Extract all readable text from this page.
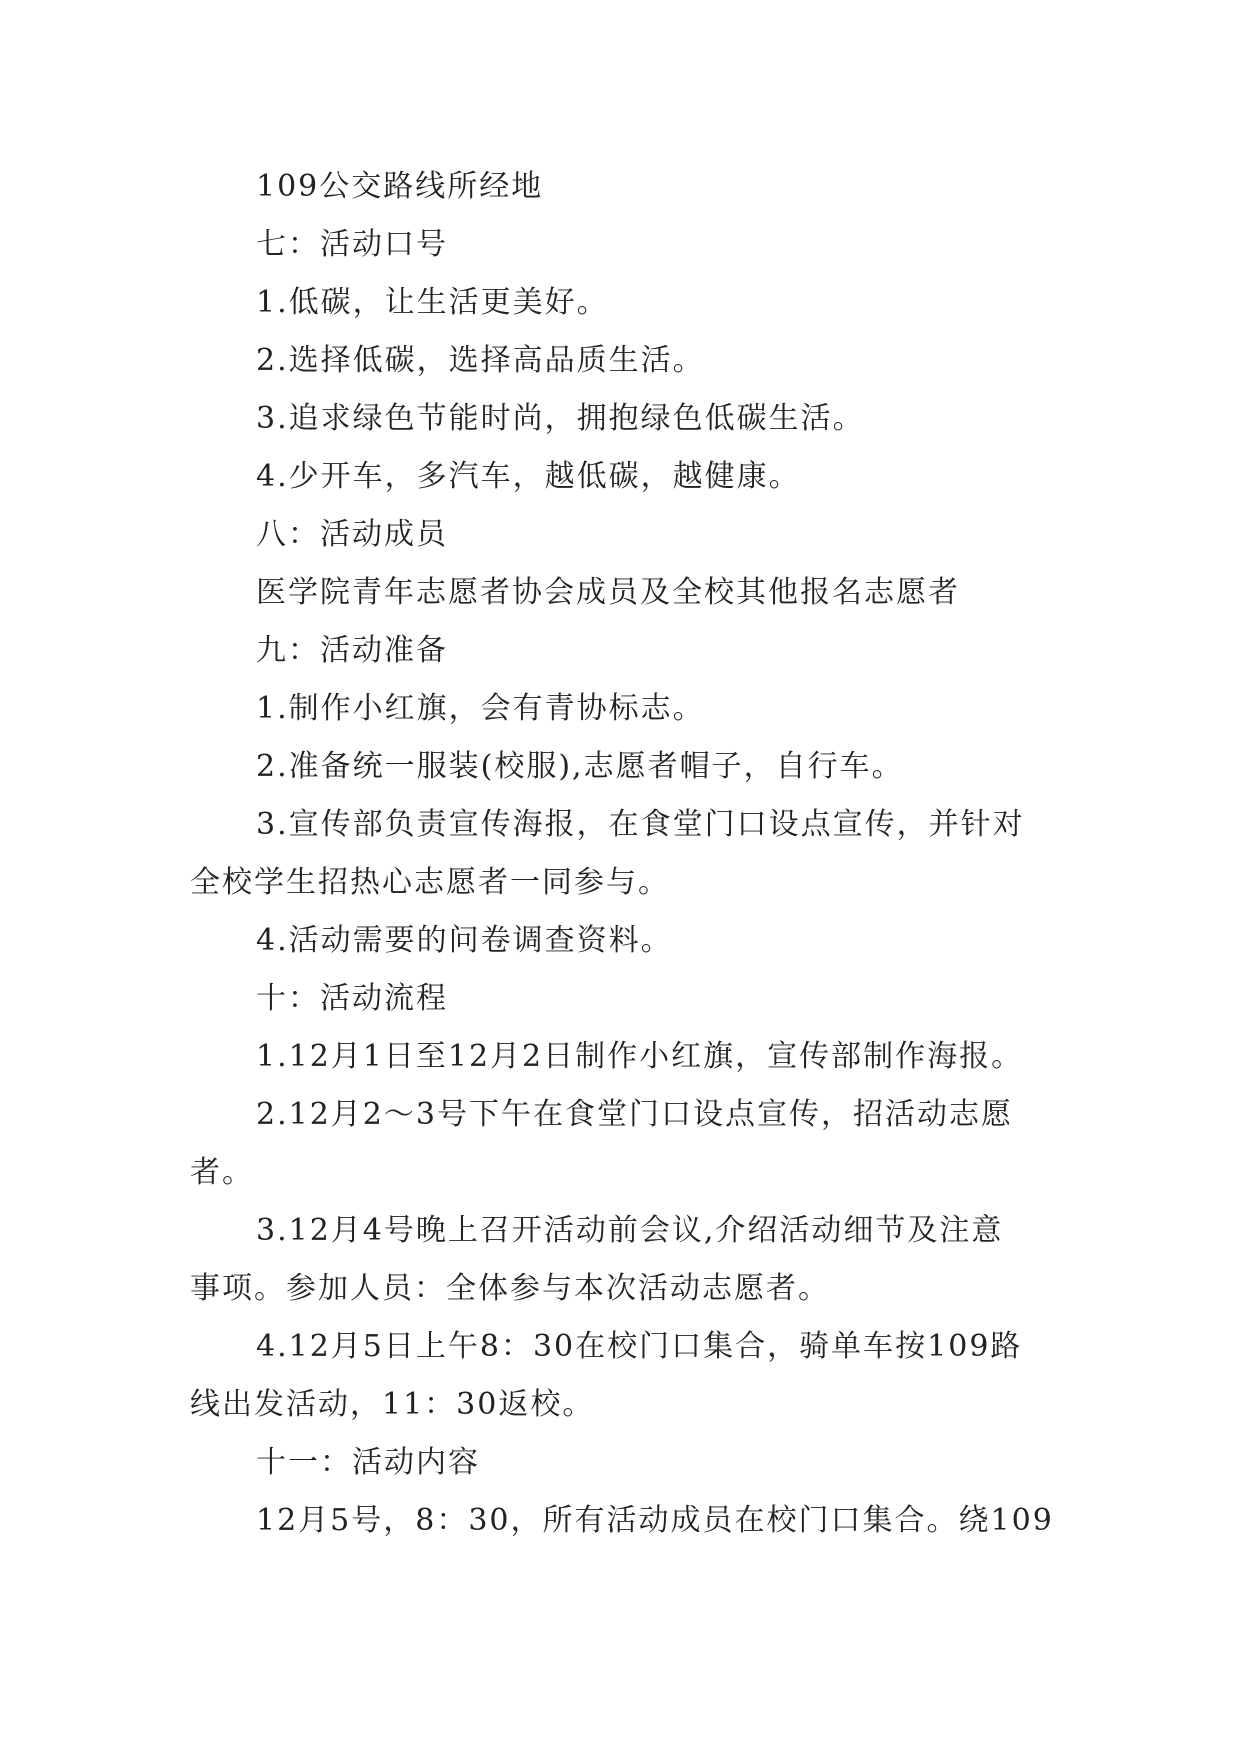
109公交路线所经地
七：活动口号
1.低碳，让生活更美好。
2.选择低碳，选择高品质生活。
3.追求绿色节能时尚，拥抱绿色低碳生活。
4.少开车，多汽车，越低碳，越健康。
八：活动成员
医学院青年志愿者协会成员及全校其他报名志愿者
九：活动准备
1.制作小红旗，会有青协标志。
2.准备统一服装(校服),志愿者帽子，自行车。
3.宣传部负责宣传海报，在食堂门口设点宣传，并针对
全校学生招热心志愿者一同参与。
4.活动需要的问卷调查资料。
十：活动流程
1.12月1日至12月2日制作小红旗，宣传部制作海报。
2.12月2～3号下午在食堂门口设点宣传，招活动志愿
者。
3.12月4号晚上召开活动前会议,介绍活动细节及注意
事项。参加人员：全体参与本次活动志愿者。
4.12月5日上午8：30在校门口集合，骑单车按109路
线出发活动，11：30返校。
十一：活动内容
12月5号，8：30，所有活动成员在校门口集合。绕109
